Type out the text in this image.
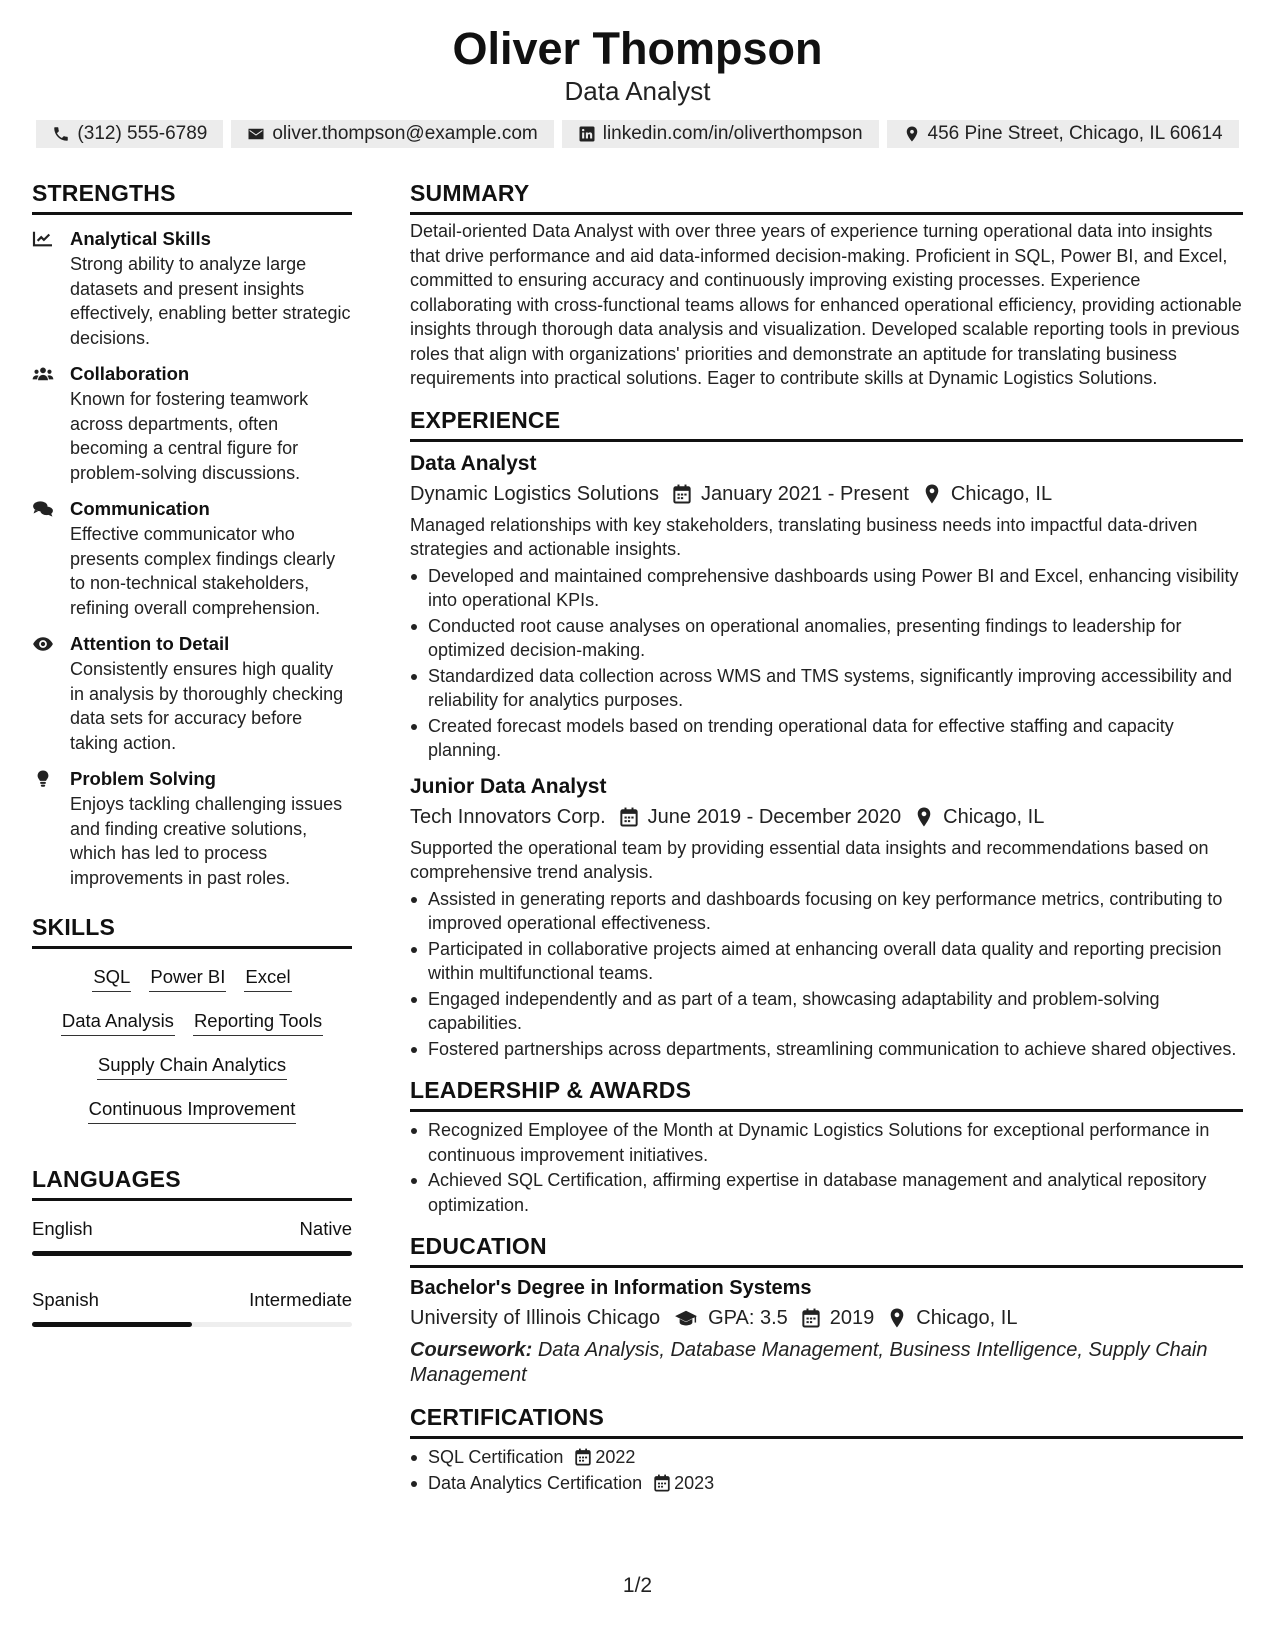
Oliver Thompson
Data Analyst
(312) 555-6789	oliver.thompson@example.com	linkedin.com/in/oliverthompson	456 Pine Street, Chicago, IL 60614
STRENGTHS
Analytical Skills
Strong ability to analyze large datasets and present insights effectively, enabling better strategic decisions.
Collaboration
Known for fostering teamwork across departments, often becoming a central figure for problem-solving discussions.
Communication
Effective communicator who presents complex findings clearly to non-technical stakeholders, refining overall comprehension.
Attention to Detail
Consistently ensures high quality in analysis by thoroughly checking data sets for accuracy before taking action.
Problem Solving
Enjoys tackling challenging issues and finding creative solutions, which has led to process improvements in past roles.
SKILLS
SQL Power BI Excel
Data Analysis Reporting Tools
Supply Chain Analytics
Continuous Improvement
LANGUAGES
English	Native
Spanish	Intermediate
SUMMARY
Detail-oriented Data Analyst with over three years of experience turning operational data into insights that drive performance and aid data-informed decision-making. Proficient in SQL, Power BI, and Excel, committed to ensuring accuracy and continuously improving existing processes. Experience collaborating with cross-functional teams allows for enhanced operational efficiency, providing actionable insights through thorough data analysis and visualization. Developed scalable reporting tools in previous roles that align with organizations' priorities and demonstrate an aptitude for translating business requirements into practical solutions. Eager to contribute skills at Dynamic Logistics Solutions.
EXPERIENCE
Data Analyst
Dynamic Logistics Solutions January 2021 - Present Chicago, IL
Managed relationships with key stakeholders, translating business needs into impactful data-driven strategies and actionable insights.
Developed and maintained comprehensive dashboards using Power BI and Excel, enhancing visibility into operational KPIs.
Conducted root cause analyses on operational anomalies, presenting findings to leadership for optimized decision-making.
Standardized data collection across WMS and TMS systems, significantly improving accessibility and reliability for analytics purposes.
Created forecast models based on trending operational data for effective staffing and capacity planning.
Junior Data Analyst
Tech Innovators Corp. June 2019 - December 2020 Chicago, IL
Supported the operational team by providing essential data insights and recommendations based on comprehensive trend analysis.
Assisted in generating reports and dashboards focusing on key performance metrics, contributing to improved operational effectiveness.
Participated in collaborative projects aimed at enhancing overall data quality and reporting precision within multifunctional teams.
Engaged independently and as part of a team, showcasing adaptability and problem-solving capabilities.
Fostered partnerships across departments, streamlining communication to achieve shared objectives.
LEADERSHIP & AWARDS
Recognized Employee of the Month at Dynamic Logistics Solutions for exceptional performance in continuous improvement initiatives.
Achieved SQL Certification, affirming expertise in database management and analytical repository optimization.
EDUCATION
Bachelor's Degree in Information Systems
University of Illinois Chicago GPA: 3.5 2019 Chicago, IL
Coursework: Data Analysis, Database Management, Business Intelligence, Supply Chain Management
CERTIFICATIONS
SQL Certification 2022
Data Analytics Certification 2023
1/2
